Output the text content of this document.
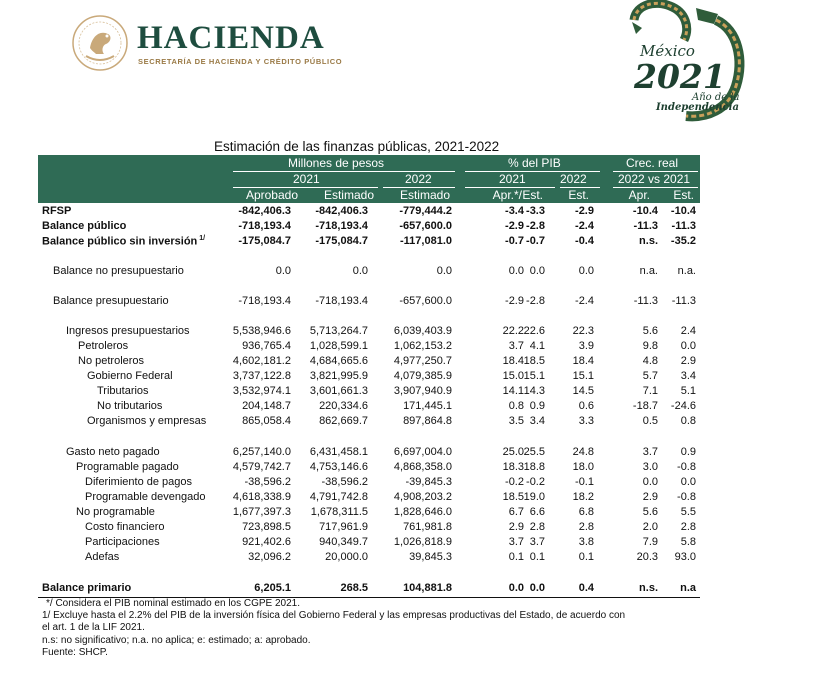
HACIENDA
SECRETARÍA DE HACIENDA Y CRÉDITO PÚBLICO
México
2021
Año de la
Independencia
Estimación de las finanzas públicas, 2021-2022
Millones de pesos	% del PIB	Crec. real
2021	2022	2021	2022	2022 vs 2021
Aprobado Estimado Estimado	Apr.*/ Est. Est.	Apr. Est.
RFSP	-842,406.3 -842,406.3	-779,444.2	-3.4 -3.3	-2.9	-10.4 -10.4
Balance público	-718,193.4 -718,193.4	-657,600.0	-2.9 -2.8	-2.4	-11.3 -11.3
Balance público sin inversión $^{1/}$	-175,084.7 -175,084.7	-117,081.0	-0.7 -0.7	-0.4	n.s. -35.2
Balance no presupuestario	0.0	0.0	0.0	0.0 0.0	0.0	n.a. n.a.
Balance presupuestario	-718,193.4 -718,193.4	-657,600.0	-2.9 -2.8	-2.4	-11.3 -11.3
Ingresos presupuestarios	5,538,946.6 5,713,264.7 6,039,403.9	22.2 22.6	22.3	5.6 2.4
Petroleros	936,765.4 1,028,599.1 1,062,153.2	3.7 4.1	3.9	9.8 0.0
No petroleros	4,602,181.2 4,684,665.6 4,977,250.7	18.4 18.5	18.4	4.8 2.9
Gobierno Federal	3,737,122.8 3,821,995.9 4,079,385.9	15.0 15.1	15.1	5.7 3.4
Tributarios	3,532,974.1 3,601,661.3 3,907,940.9	14.1 14.3	14.5	7.1 5.1
No tributarios	204,148.7	220,334.6	171,445.1	0.8 0.9	0.6	-18.7 -24.6
Organismos y empresas	865,058.4	862,669.7	897,864.8	3.5 3.4	3.3	0.5 0.8
Gasto neto pagado	6,257,140.0 6,431,458.1 6,697,004.0	25.0 25.5	24.8	3.7 0.9
Programable pagado	4,579,742.7 4,753,146.6 4,868,358.0	18.3 18.8	18.0	3.0 -0.8
Diferimiento de pagos	-38,596.2	-38,596.2	-39,845.3	-0.2 -0.2	-0.1	0.0 0.0
Programable devengado 4,618,338.9 4,791,742.8 4,908,203.2	18.5 19.0	18.2	2.9 -0.8
No programable	1,677,397.3 1,678,311.5 1,828,646.0	6.7 6.6	6.8	5.6 5.5
Costo financiero	723,898.5	717,961.9	761,981.8	2.9 2.8	2.8	2.0 2.8
Participaciones	921,402.6	940,349.7 1,026,818.9	3.7 3.7	3.8	7.9 5.8
Adefas	32,096.2	20,000.0	39,845.3	0.1 0.1	0.1	20.3 93.0
Balance primario	6,205.1	268.5	104,881.8	0.0 0.0	0.4	n.s. n.a
*/ Considera el PIB nominal estimado en los CGPE 2021.
1/ Excluye hasta el 2.2% del PIB de la inversión física del Gobierno Federal y las empresas productivas del Estado, de acuerdo con
el art. 1 de la LIF 2021.
n.s: no significativo; n.a. no aplica; e: estimado; a: aprobado.
Fuente: SHCP.
